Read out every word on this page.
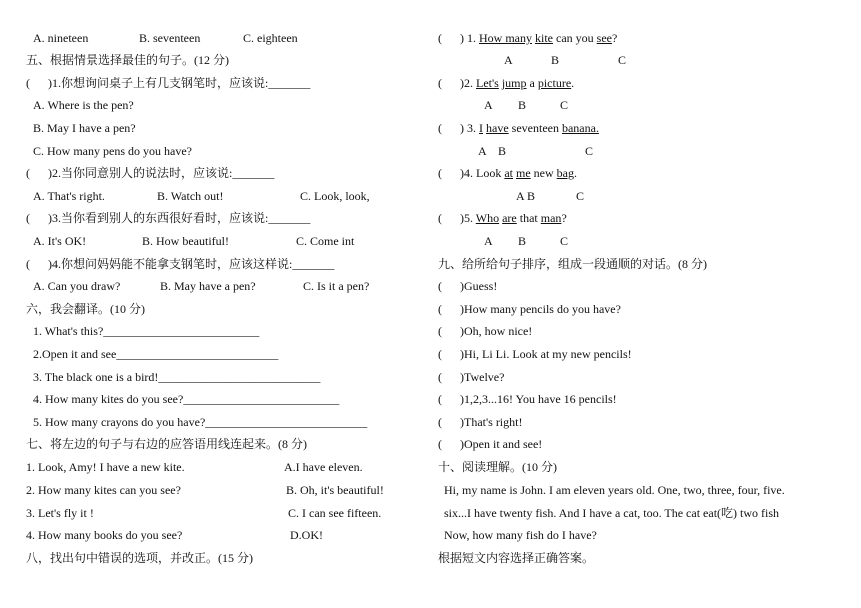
A. nineteen	B. seventeen	C. eighteen
五、根据情景选择最佳的句子。(12 分)
(      )1.你想询问桌子上有几支钢笔时，应该说:_______
A. Where is the pen?
B. May I have a pen?
C. How many pens do you have?
(      )2.当你同意别人的说法时，应该说:_______
A. That's right.	B. Watch out!	C. Look, look,
(      )3.当你看到别人的东西很好看时，应该说:_______
A. It's OK!	B. How beautiful!	C. Come int
(      )4.你想问妈妈能不能拿支钢笔时，应该这样说:_______
A. Can you draw?	B. May have a pen?	C. Is it a pen?
六，我会翻译。(10 分)
1. What's this?__________________________
2.Open it and see___________________________
3. The black one is a bird!___________________________
4. How many kites do you see?__________________________
5. How many crayons do you have?___________________________
七、将左边的句子与右边的应答语用线连起来。(8 分)
1. Look, Amy! I have a new kite.	A.I have eleven.
2. How many kites can you see?	B. Oh, it's beautiful!
3. Let's fly it !	C. I can see fifteen.
4. How many books do you see?	D.OK!
八，找出句中错误的选项，并改正。(15 分)
(      ) 1. How many kite can you see?
A	B	C
(      )2. Let's jump a picture.
A B	C
(      ) 3. I have seventeen banana.
A B	C
(      )4. Look at me new bag.
A B	C
(      )5. Who are that man?
A B	C
九、给所给句子排序，组成一段通顺的对话。(8 分)
(      )Guess!
(      )How many pencils do you have?
(      )Oh, how nice!
(      )Hi, Li Li. Look at my new pencils!
(      )Twelve?
(      )1,2,3...16! You have 16 pencils!
(      )That's right!
(      )Open it and see!
十、阅读理解。(10 分)
Hi, my name is John. I am eleven years old. One, two, three, four, five.
six...I have twenty fish. And I have a cat, too. The cat eat(吃) two fish
Now, how many fish do I have?
根据短文内容选择正确答案。
